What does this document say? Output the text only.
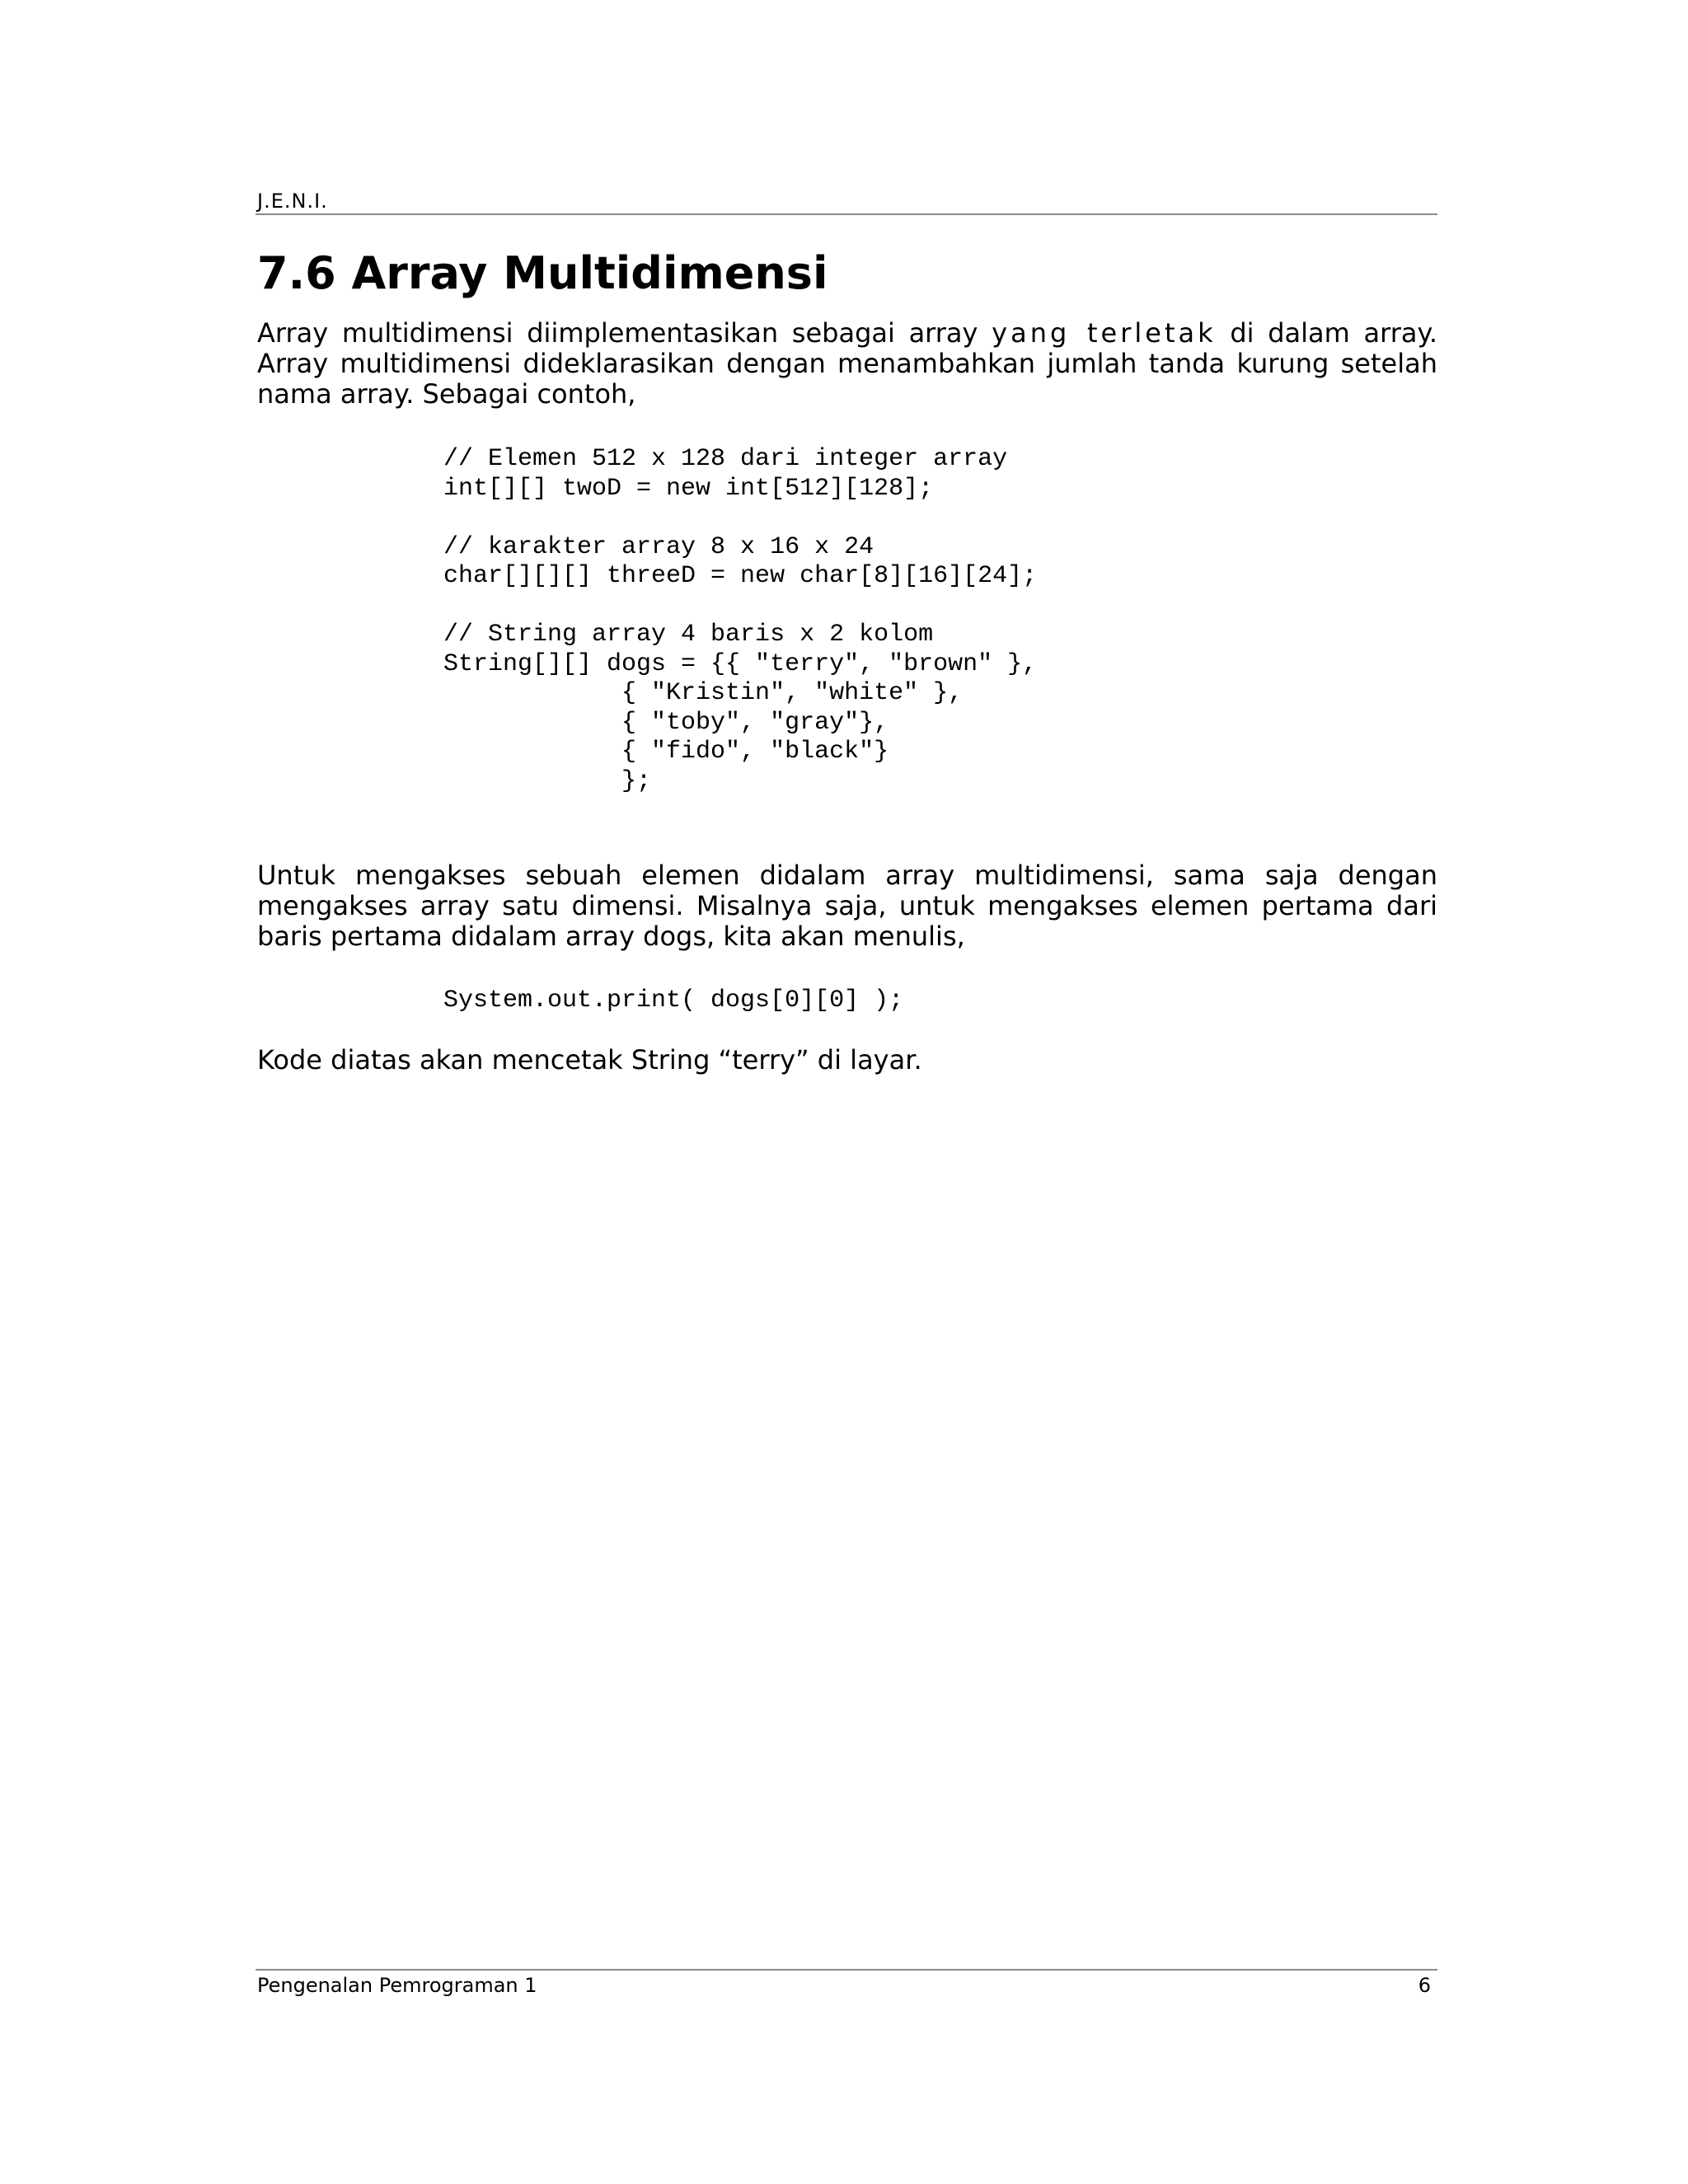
J.E.N.I.
7.6 Array Multidimensi

Array multidimensi diimplementasikan sebagai array yang terletak di dalam array. Array multidimensi dideklarasikan dengan menambahkan jumlah tanda kurung setelah nama array. Sebagai contoh,

// Elemen 512 x 128 dari integer array
int[][] twoD = new int[512][128];

// karakter array 8 x 16 x 24
char[][][] threeD = new char[8][16][24];

// String array 4 baris x 2 kolom
String[][] dogs = {{ "terry", "brown" },
{ "Kristin", "white" },
{ "toby", "gray"},
{ "fido", "black"}
};

Untuk mengakses sebuah elemen didalam array multidimensi, sama saja dengan mengakses array satu dimensi. Misalnya saja, untuk mengakses elemen pertama dari baris pertama didalam array dogs, kita akan menulis,

System.out.print( dogs[0][0] );

Kode diatas akan mencetak String “terry” di layar.

Pengenalan Pemrograman 1	6
